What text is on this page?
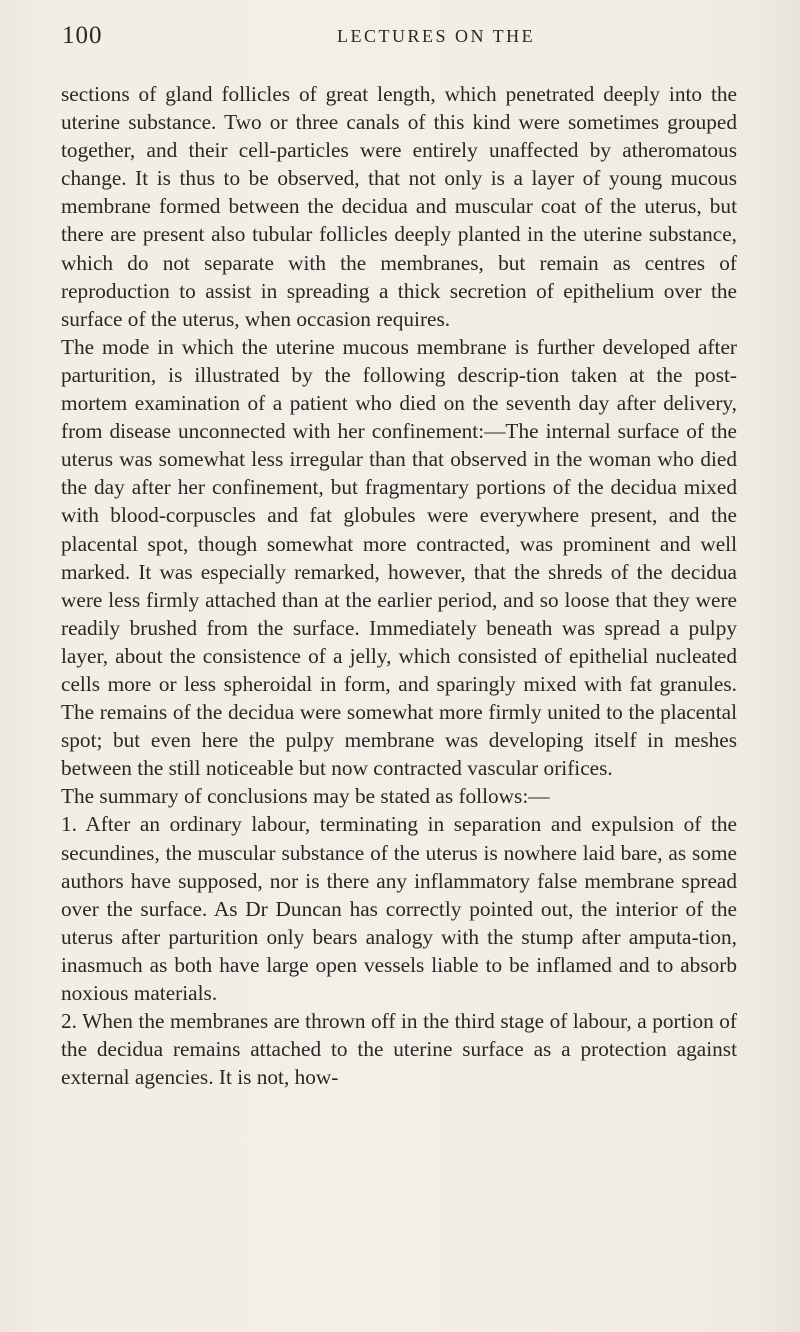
100	LECTURES ON THE

sections of gland follicles of great length, which penetrated deeply into the uterine substance. Two or three canals of this kind were sometimes grouped together, and their cell-particles were entirely unaffected by atheromatous change. It is thus to be observed, that not only is a layer of young mucous membrane formed between the decidua and muscular coat of the uterus, but there are present also tubular follicles deeply planted in the uterine substance, which do not separate with the membranes, but remain as centres of reproduction to assist in spreading a thick secretion of epithelium over the surface of the uterus, when occasion requires.

The mode in which the uterine mucous membrane is further developed after parturition, is illustrated by the following descrip-tion taken at the post-mortem examination of a patient who died on the seventh day after delivery, from disease unconnected with her confinement:—The internal surface of the uterus was somewhat less irregular than that observed in the woman who died the day after her confinement, but fragmentary portions of the decidua mixed with blood-corpuscles and fat globules were everywhere present, and the placental spot, though somewhat more contracted, was prominent and well marked. It was especially remarked, however, that the shreds of the decidua were less firmly attached than at the earlier period, and so loose that they were readily brushed from the surface. Immediately beneath was spread a pulpy layer, about the consistence of a jelly, which consisted of epithelial nucleated cells more or less spheroidal in form, and sparingly mixed with fat granules. The remains of the decidua were somewhat more firmly united to the placental spot; but even here the pulpy membrane was developing itself in meshes between the still noticeable but now contracted vascular orifices.

The summary of conclusions may be stated as follows:—

1. After an ordinary labour, terminating in separation and expulsion of the secundines, the muscular substance of the uterus is nowhere laid bare, as some authors have supposed, nor is there any inflammatory false membrane spread over the surface. As Dr Duncan has correctly pointed out, the interior of the uterus after parturition only bears analogy with the stump after amputa-tion, inasmuch as both have large open vessels liable to be inflamed and to absorb noxious materials.

2. When the membranes are thrown off in the third stage of labour, a portion of the decidua remains attached to the uterine surface as a protection against external agencies. It is not, how-
